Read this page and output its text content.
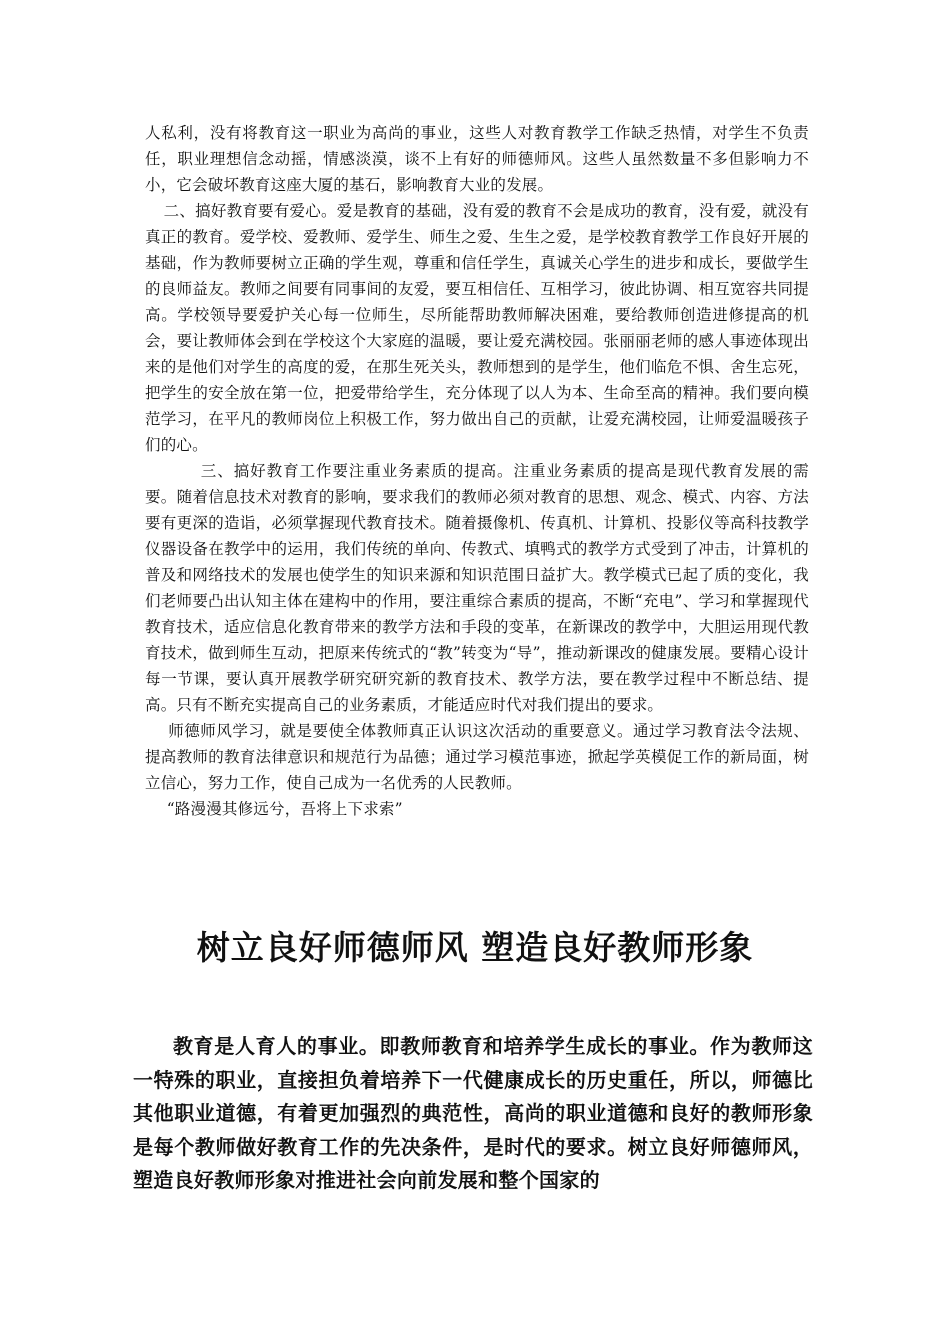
人私利，没有将教育这一职业为高尚的事业，这些人对教育教学工作缺乏热情，对学生不负责任，职业理想信念动摇，情感淡漠，谈不上有好的师德师风。这些人虽然数量不多但影响力不小，它会破坏教育这座大厦的基石，影响教育大业的发展。

二、搞好教育要有爱心。爱是教育的基础，没有爱的教育不会是成功的教育，没有爱，就没有真正的教育。爱学校、爱教师、爱学生、师生之爱、生生之爱，是学校教育教学工作良好开展的基础，作为教师要树立正确的学生观，尊重和信任学生，真诚关心学生的进步和成长，要做学生的良师益友。教师之间要有同事间的友爱，要互相信任、互相学习，彼此协调、相互宽容共同提高。学校领导要爱护关心每一位师生，尽所能帮助教师解决困难，要给教师创造进修提高的机会，要让教师体会到在学校这个大家庭的温暖，要让爱充满校园。张丽丽老师的感人事迹体现出来的是他们对学生的高度的爱，在那生死关头，教师想到的是学生，他们临危不惧、舍生忘死，把学生的安全放在第一位，把爱带给学生，充分体现了以人为本、生命至高的精神。我们要向模范学习，在平凡的教师岗位上积极工作，努力做出自己的贡献，让爱充满校园，让师爱温暖孩子们的心。

三、搞好教育工作要注重业务素质的提高。注重业务素质的提高是现代教育发展的需要。随着信息技术对教育的影响，要求我们的教师必须对教育的思想、观念、模式、内容、方法要有更深的造诣，必须掌握现代教育技术。随着摄像机、传真机、计算机、投影仪等高科技教学仪器设备在教学中的运用，我们传统的单向、传教式、填鸭式的教学方式受到了冲击，计算机的普及和网络技术的发展也使学生的知识来源和知识范围日益扩大。教学模式已起了质的变化，我们老师要凸出认知主体在建构中的作用，要注重综合素质的提高，不断“充电”、学习和掌握现代教育技术，适应信息化教育带来的教学方法和手段的变革，在新课改的教学中，大胆运用现代教育技术，做到师生互动，把原来传统式的“教”转变为“导”，推动新课改的健康发展。要精心设计每一节课，要认真开展教学研究研究新的教育技术、教学方法，要在教学过程中不断总结、提高。只有不断充实提高自己的业务素质，才能适应时代对我们提出的要求。

师德师风学习，就是要使全体教师真正认识这次活动的重要意义。通过学习教育法令法规、提高教师的教育法律意识和规范行为品德；通过学习模范事迹，掀起学英模促工作的新局面，树立信心，努力工作，使自己成为一名优秀的人民教师。

“路漫漫其修远兮，吾将上下求索”

树立良好师德师风 塑造良好教师形象

教育是人育人的事业。即教师教育和培养学生成长的事业。作为教师这一特殊的职业，直接担负着培养下一代健康成长的历史重任，所以，师德比其他职业道德，有着更加强烈的典范性，高尚的职业道德和良好的教师形象是每个教师做好教育工作的先决条件，是时代的要求。树立良好师德师风，塑造良好教师形象对推进社会向前发展和整个国家的
